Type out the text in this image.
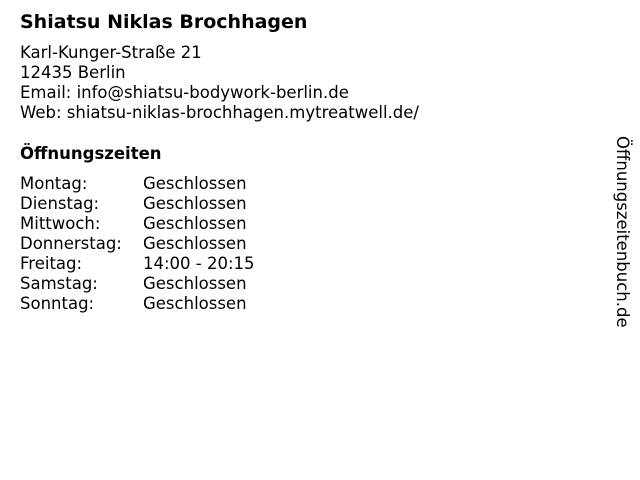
Shiatsu Niklas Brochhagen
Karl-Kunger-Straße 21
12435 Berlin
Email: info@shiatsu-bodywork-berlin.de
Web: shiatsu-niklas-brochhagen.mytreatwell.de/
Öffnungszeiten
Montag:	Geschlossen
Dienstag:	Geschlossen
Mittwoch:	Geschlossen
Donnerstag: Geschlossen
Freitag:	14:00 - 20:15
Samstag:	Geschlossen
Sonntag:	Geschlossen	Öffnungszeitenbuch.de
